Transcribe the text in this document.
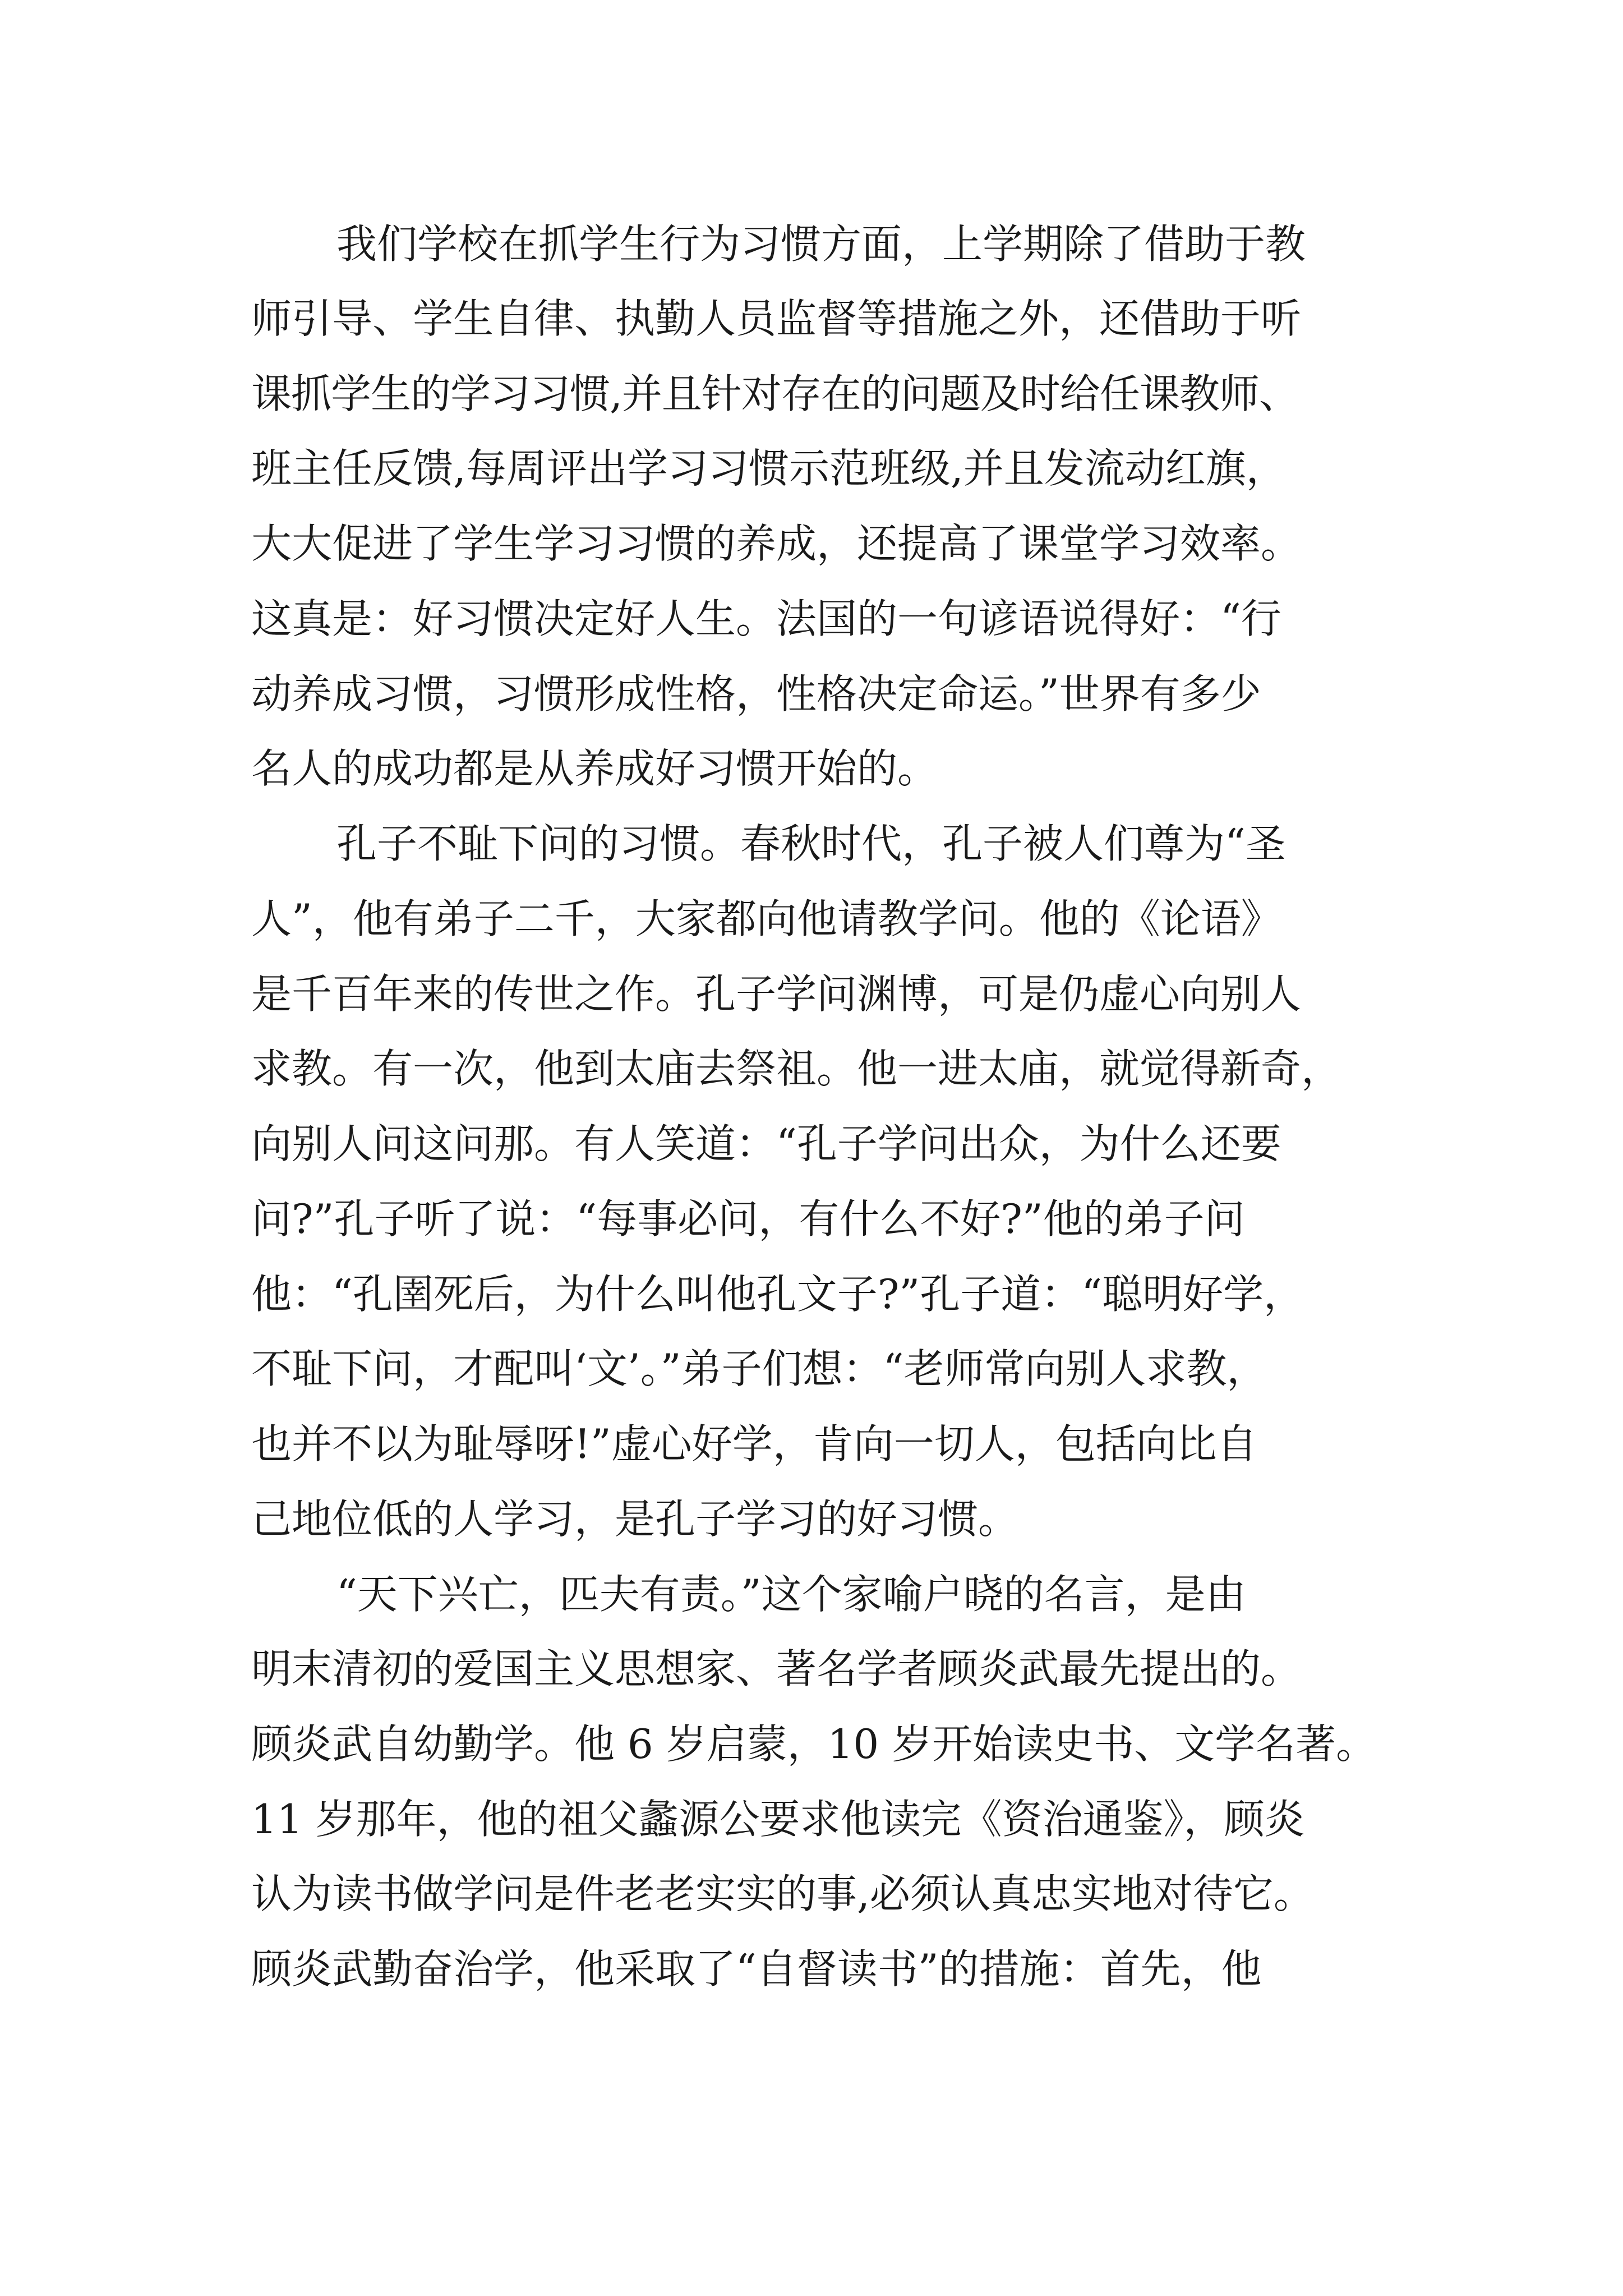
我们学校在抓学生行为习惯方面，上学期除了借助于教

师引导、学生自律、执勤人员监督等措施之外，还借助于听

课抓学生的学习习惯,并且针对存在的问题及时给任课教师、

班主任反馈,每周评出学习习惯示范班级,并且发流动红旗，

大大促进了学生学习习惯的养成，还提高了课堂学习效率。

这真是：好习惯决定好人生。法国的一句谚语说得好：“行

动养成习惯，习惯形成性格，性格决定命运。”世界有多少

名人的成功都是从养成好习惯开始的。

孔子不耻下问的习惯。春秋时代，孔子被人们尊为“圣

人”，他有弟子二千，大家都向他请教学问。他的《论语》

是千百年来的传世之作。孔子学问渊博，可是仍虚心向别人

求教。有一次，他到太庙去祭祖。他一进太庙，就觉得新奇，

向别人问这问那。有人笑道：“孔子学问出众，为什么还要

问?”孔子听了说：“每事必问，有什么不好?”他的弟子问

他：“孔圉死后，为什么叫他孔文子?”孔子道：“聪明好学，

不耻下问，才配叫‘文’。”弟子们想：“老师常向别人求教，

也并不以为耻辱呀!”虚心好学，肯向一切人，包括向比自

己地位低的人学习，是孔子学习的好习惯。

“天下兴亡，匹夫有责。”这个家喻户晓的名言，是由

明末清初的爱国主义思想家、著名学者顾炎武最先提出的。

顾炎武自幼勤学。他 6 岁启蒙，10 岁开始读史书、文学名著。

11 岁那年，他的祖父蠡源公要求他读完《资治通鉴》，顾炎

认为读书做学问是件老老实实的事,必须认真忠实地对待它。

顾炎武勤奋治学，他采取了“自督读书”的措施：首先，他
